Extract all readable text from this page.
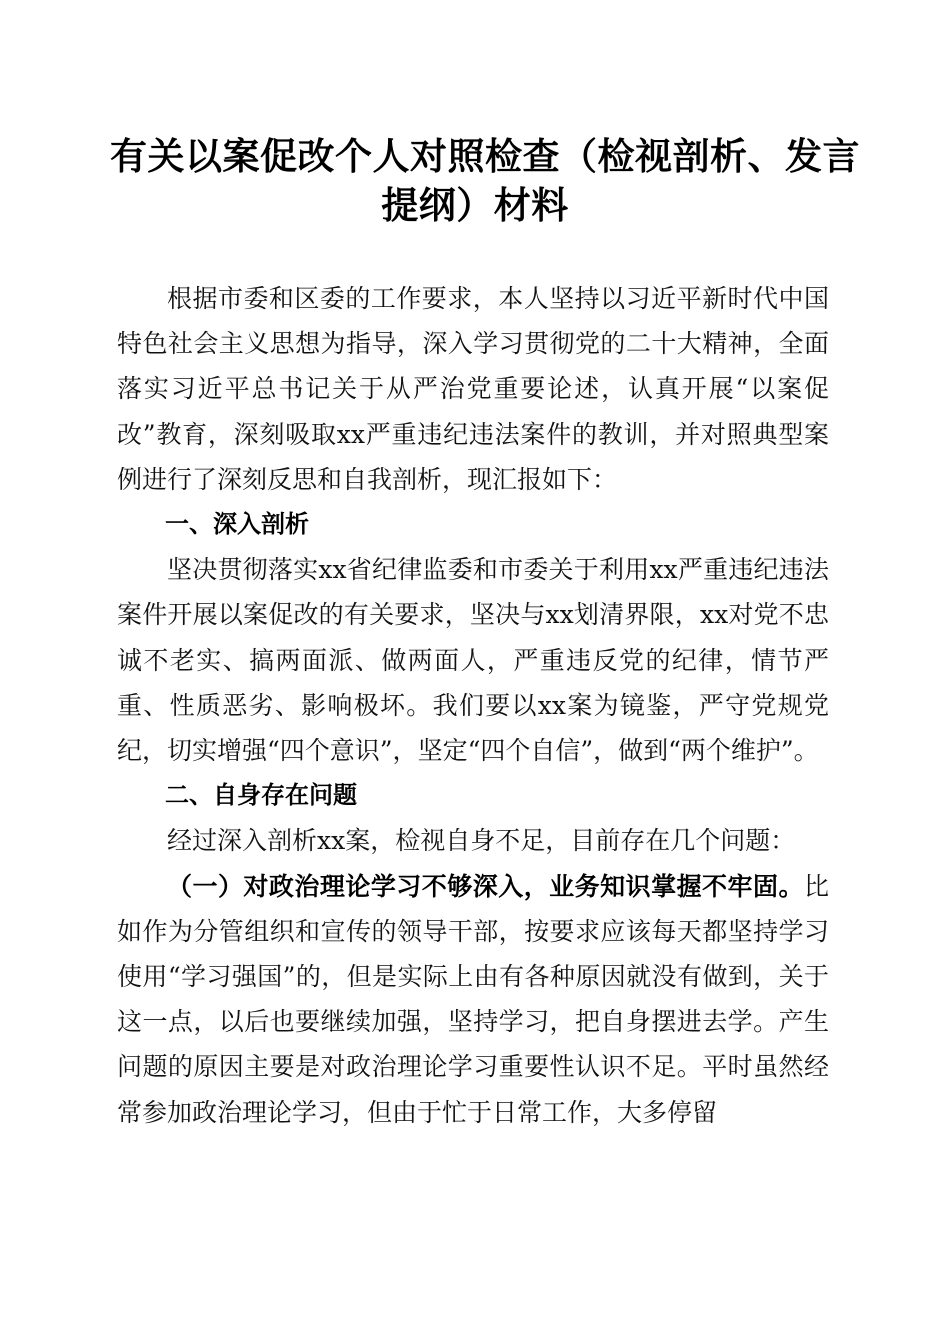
有关以案促改个人对照检查（检视剖析、发言
提纲）材料

根据市委和区委的工作要求，本人坚持以习近平新时代中国特色社会主义思想为指导，深入学习贯彻党的二十大精神，全面落实习近平总书记关于从严治党重要论述，认真开展“以案促改”教育，深刻吸取xx严重违纪违法案件的教训，并对照典型案例进行了深刻反思和自我剖析，现汇报如下：

一、深入剖析

坚决贯彻落实xx省纪律监委和市委关于利用xx严重违纪违法案件开展以案促改的有关要求，坚决与xx划清界限，xx对党不忠诚不老实、搞两面派、做两面人，严重违反党的纪律，情节严重、性质恶劣、影响极坏。我们要以xx案为镜鉴，严守党规党纪，切实增强“四个意识”，坚定“四个自信”，做到“两个维护”。

二、自身存在问题

经过深入剖析xx案，检视自身不足，目前存在几个问题：

（一）对政治理论学习不够深入，业务知识掌握不牢固。比如作为分管组织和宣传的领导干部，按要求应该每天都坚持学习使用“学习强国”的，但是实际上由有各种原因就没有做到，关于这一点，以后也要继续加强，坚持学习，把自身摆进去学。产生问题的原因主要是对政治理论学习重要性认识不足。平时虽然经常参加政治理论学习，但由于忙于日常工作，大多停留
